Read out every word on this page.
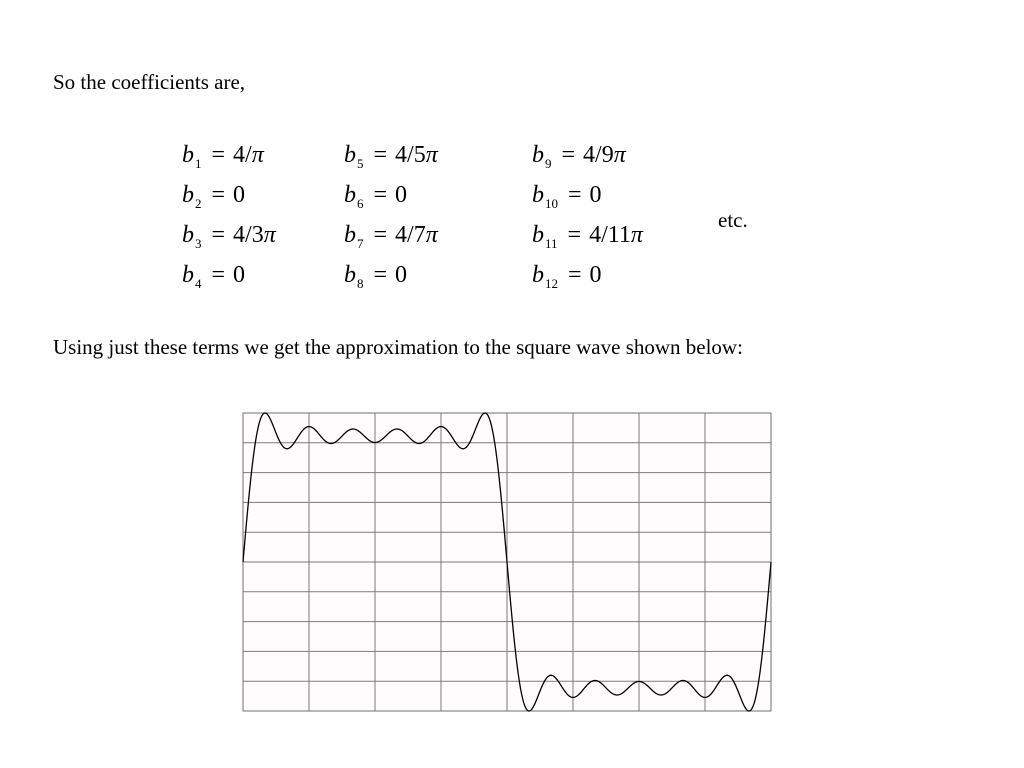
So the coefficients are,
$b_1 = 4/\pi$
$b_2 = 0$
$b_3 = 4/3\pi$
$b_4 = 0$
$b_5 = 4/5\pi$
$b_6 = 0$
$b_7 = 4/7\pi$
$b_8 = 0$
$b_9 = 4/9\pi$
$b_{10} = 0$
$b_{11} = 4/11\pi$
$b_{12} = 0$
etc.
Using just these terms we get the approximation to the square wave shown below:
